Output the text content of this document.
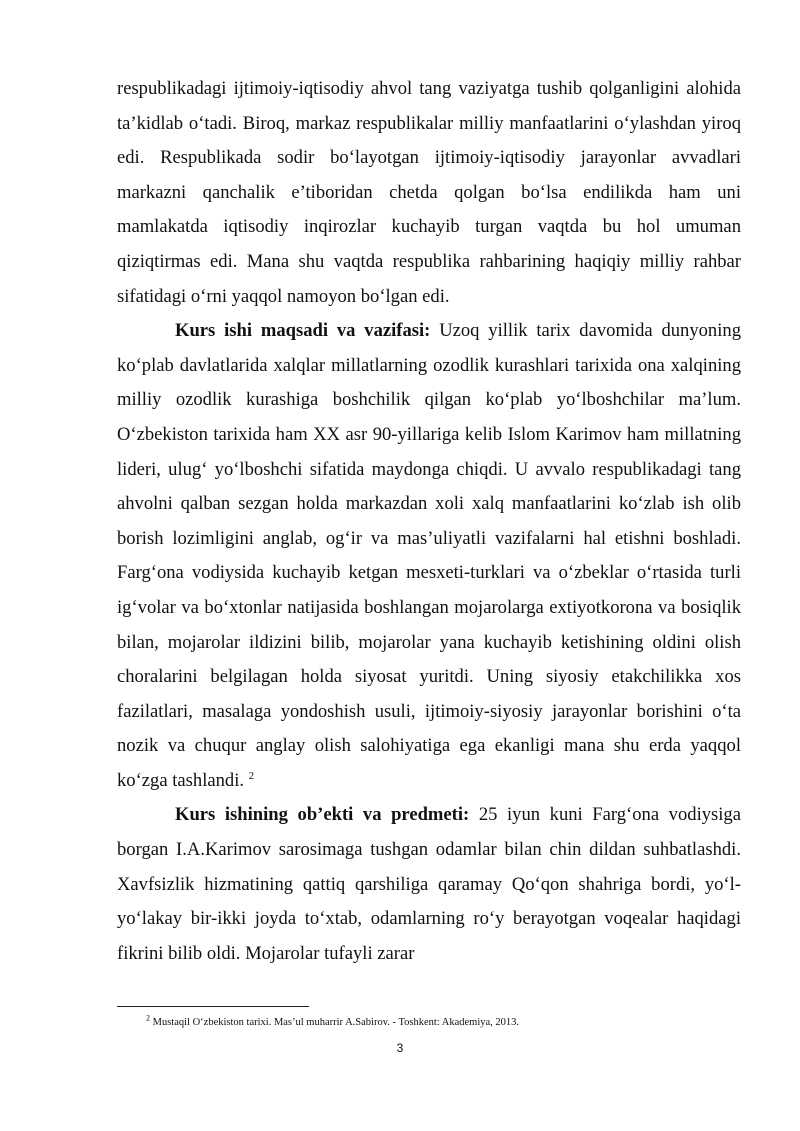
respublikadagi ijtimoiy-iqtisodiy ahvol tang vaziyatga tushib qolganligini alohida ta’kidlab o‘tadi. Biroq, markaz respublikalar milliy manfaatlarini o‘ylashdan yiroq edi. Respublikada sodir bo‘layotgan ijtimoiy-iqtisodiy jarayonlar avvadlari markazni qanchalik e’tiboridan chetda qolgan bo‘lsa endilikda ham uni mamlakatda iqtisodiy inqirozlar kuchayib turgan vaqtda bu hol umuman qiziqtirmas edi. Mana shu vaqtda respublika rahbarining haqiqiy milliy rahbar sifatidagi o‘rni yaqqol namoyon bo‘lgan edi.

Kurs ishi maqsadi va vazifasi: Uzoq yillik tarix davomida dunyoning ko‘plab davlatlarida xalqlar millatlarning ozodlik kurashlari tarixida ona xalqining milliy ozodlik kurashiga boshchilik qilgan ko‘plab yo‘lboshchilar ma’lum. O‘zbekiston tarixida ham XX asr 90-yillariga kelib Islom Karimov ham millatning lideri, ulug‘ yo‘lboshchi sifatida maydonga chiqdi. U avvalo respublikadagi tang ahvolni qalban sezgan holda markazdan xoli xalq manfaatlarini ko‘zlab ish olib borish lozimligini anglab, og‘ir va mas’uliyatli vazifalarni hal etishni boshladi. Farg‘ona vodiysida kuchayib ketgan mesxeti-turklari va o‘zbeklar o‘rtasida turli ig‘volar va bo‘xtonlar natijasida boshlangan mojarolarga extiyotkorona va bosiqlik bilan, mojarolar ildizini bilib, mojarolar yana kuchayib ketishining oldini olish choralarini belgilagan holda siyosat yuritdi. Uning siyosiy etakchilikka xos fazilatlari, masalaga yondoshish usuli, ijtimoiy-siyosiy jarayonlar borishini o‘ta nozik va chuqur anglay olish salohiyatiga ega ekanligi mana shu erda yaqqol ko‘zga tashlandi. $^2$

Kurs ishining ob’ekti va predmeti: 25 iyun kuni Farg‘ona vodiysiga borgan I.A.Karimov sarosimaga tushgan odamlar bilan chin dildan suhbatlashdi. Xavfsizlik hizmatining qattiq qarshiliga qaramay Qo‘qon shahriga bordi, yo‘l-yo‘lakay bir-ikki joyda to‘xtab, odamlarning ro‘y berayotgan voqealar haqidagi fikrini bilib oldi. Mojarolar tufayli zarar

$^2$ Mustaqil O‘zbekiston tarixi. Mas’ul muharrir A.Sabirov. - Toshkent: Akademiya, 2013.
3
